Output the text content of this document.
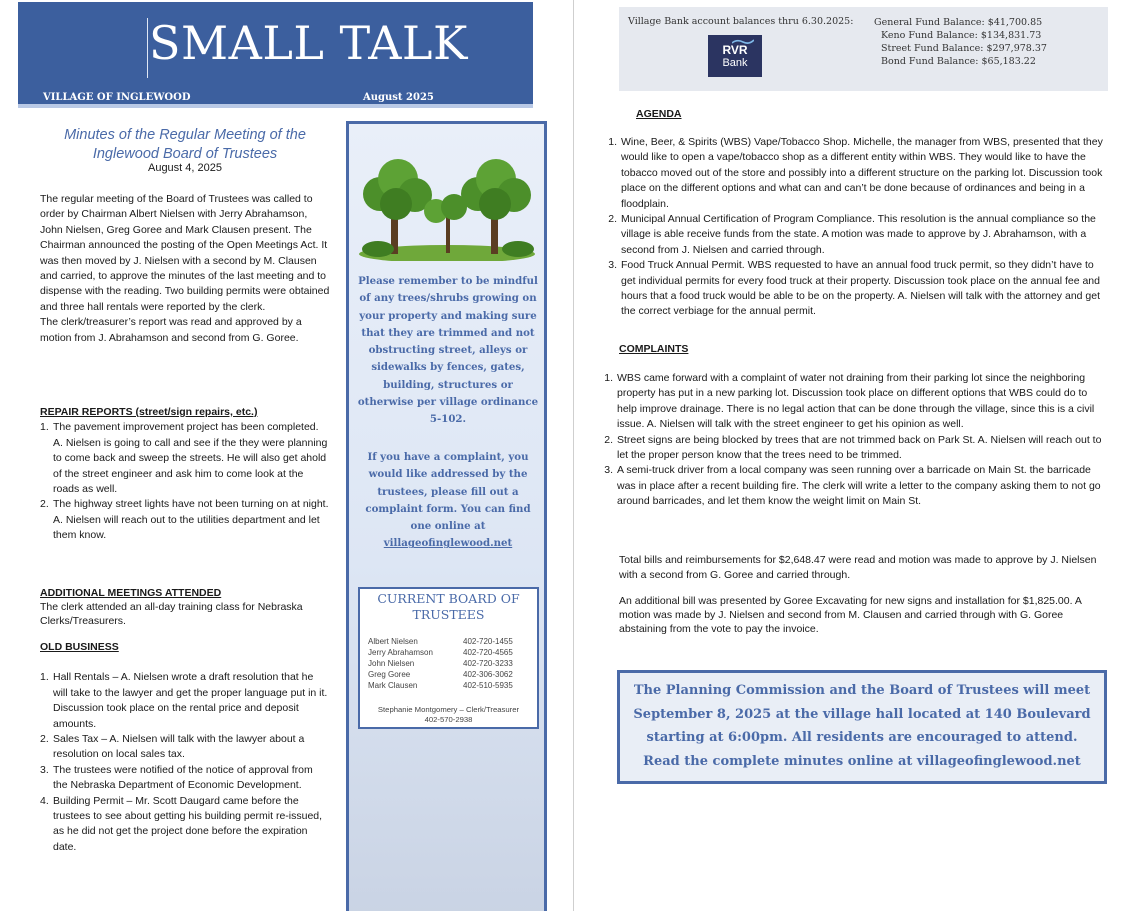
SMALL TALK
VILLAGE OF INGLEWOOD	August 2025
Minutes of the Regular Meeting of the
Inglewood Board of Trustees
August 4, 2025

The regular meeting of the Board of Trustees was called to order by Chairman Albert Nielsen with Jerry Abrahamson, John Nielsen, Greg Goree and Mark Clausen present. The Chairman announced the posting of the Open Meetings Act. It was then moved by J. Nielsen with a second by M. Clausen and carried, to approve the minutes of the last meeting and to dispense with the reading. Two building permits were obtained and three hall rentals were reported by the clerk.

The clerk/treasurer’s report was read and approved by a motion from J. Abrahamson and second from G. Goree.

REPAIR REPORTS (street/sign repairs, etc.)
1. The pavement improvement project has been completed. A. Nielsen is going to call and see if the they were planning to come back and sweep the streets. He will also get ahold of the street engineer and ask him to come look at the roads as well.
2. The highway street lights have not been turning on at night. A. Nielsen will reach out to the utilities department and let them know.
ADDITIONAL MEETINGS ATTENDED

The clerk attended an all-day training class for Nebraska Clerks/Treasurers.

OLD BUSINESS
1. Hall Rentals – A. Nielsen wrote a draft resolution that he will take to the lawyer and get the proper language put in it. Discussion took place on the rental price and deposit amounts.
2. Sales Tax – A. Nielsen will talk with the lawyer about a resolution on local sales tax.
3. The trustees were notified of the notice of approval from the Nebraska Department of Economic Development.
4. Building Permit – Mr. Scott Daugard came before the trustees to see about getting his building permit re-issued, as he did not get the project done before the expiration date.
Please remember to be mindful of any trees/shrubs growing on your property and making sure that they are trimmed and not obstructing street, alleys or sidewalks by fences, gates, building, structures or otherwise per village ordinance 5-102.
If you have a complaint, you would like addressed by the trustees, please fill out a complaint form. You can find one online at villageofinglewood.net
CURRENT BOARD OF TRUSTEES
Albert Nielsen	402-720-1455
Jerry Abrahamson	402-720-4565
John Nielsen	402-720-3233
Greg Goree	402-306-3062
Mark Clausen	402-510-5935
Stephanie Montgomery – Clerk/Treasurer
402-570-2938
Village Bank account balances thru 6.30.2025:
RVR
Bank
General Fund Balance: $41,700.85
Keno Fund Balance: $134,831.73
Street Fund Balance: $297,978.37
Bond Fund Balance: $65,183.22
AGENDA
1. Wine, Beer, & Spirits (WBS) Vape/Tobacco Shop. Michelle, the manager from WBS, presented that they would like to open a vape/tobacco shop as a different entity within WBS. They would like to have the tobacco moved out of the store and possibly into a different structure on the parking lot. Discussion took place on the different options and what can and can’t be done because of ordinances and being in a floodplain.
2. Municipal Annual Certification of Program Compliance. This resolution is the annual compliance so the village is able receive funds from the state. A motion was made to approve by J. Abrahamson, with a second from J. Nielsen and carried through.
3. Food Truck Annual Permit. WBS requested to have an annual food truck permit, so they didn’t have to get individual permits for every food truck at their property. Discussion took place on the annual fee and hours that a food truck would be able to be on the property. A. Nielsen will talk with the attorney and get the correct verbiage for the annual permit.
COMPLAINTS
1. WBS came forward with a complaint of water not draining from their parking lot since the neighboring property has put in a new parking lot. Discussion took place on different options that WBS could do to help improve drainage. There is no legal action that can be done through the village, since this is a civil issue. A. Nielsen will talk with the street engineer to get his opinion as well.
2. Street signs are being blocked by trees that are not trimmed back on Park St. A. Nielsen will reach out to let the proper person know that the trees need to be trimmed.
3. A semi-truck driver from a local company was seen running over a barricade on Main St. the barricade was in place after a recent building fire. The clerk will write a letter to the company asking them to not go around barricades, and let them know the weight limit on Main St.
Total bills and reimbursements for $2,648.47 were read and motion was made to approve by J. Nielsen with a second from G. Goree and carried through.
An additional bill was presented by Goree Excavating for new signs and installation for $1,825.00. A motion was made by J. Nielsen and second from M. Clausen and carried through with G. Goree abstaining from the vote to pay the invoice.
The Planning Commission and the Board of Trustees will meet September 8, 2025 at the village hall located at 140 Boulevard starting at 6:00pm. All residents are encouraged to attend. Read the complete minutes online at villageofinglewood.net
